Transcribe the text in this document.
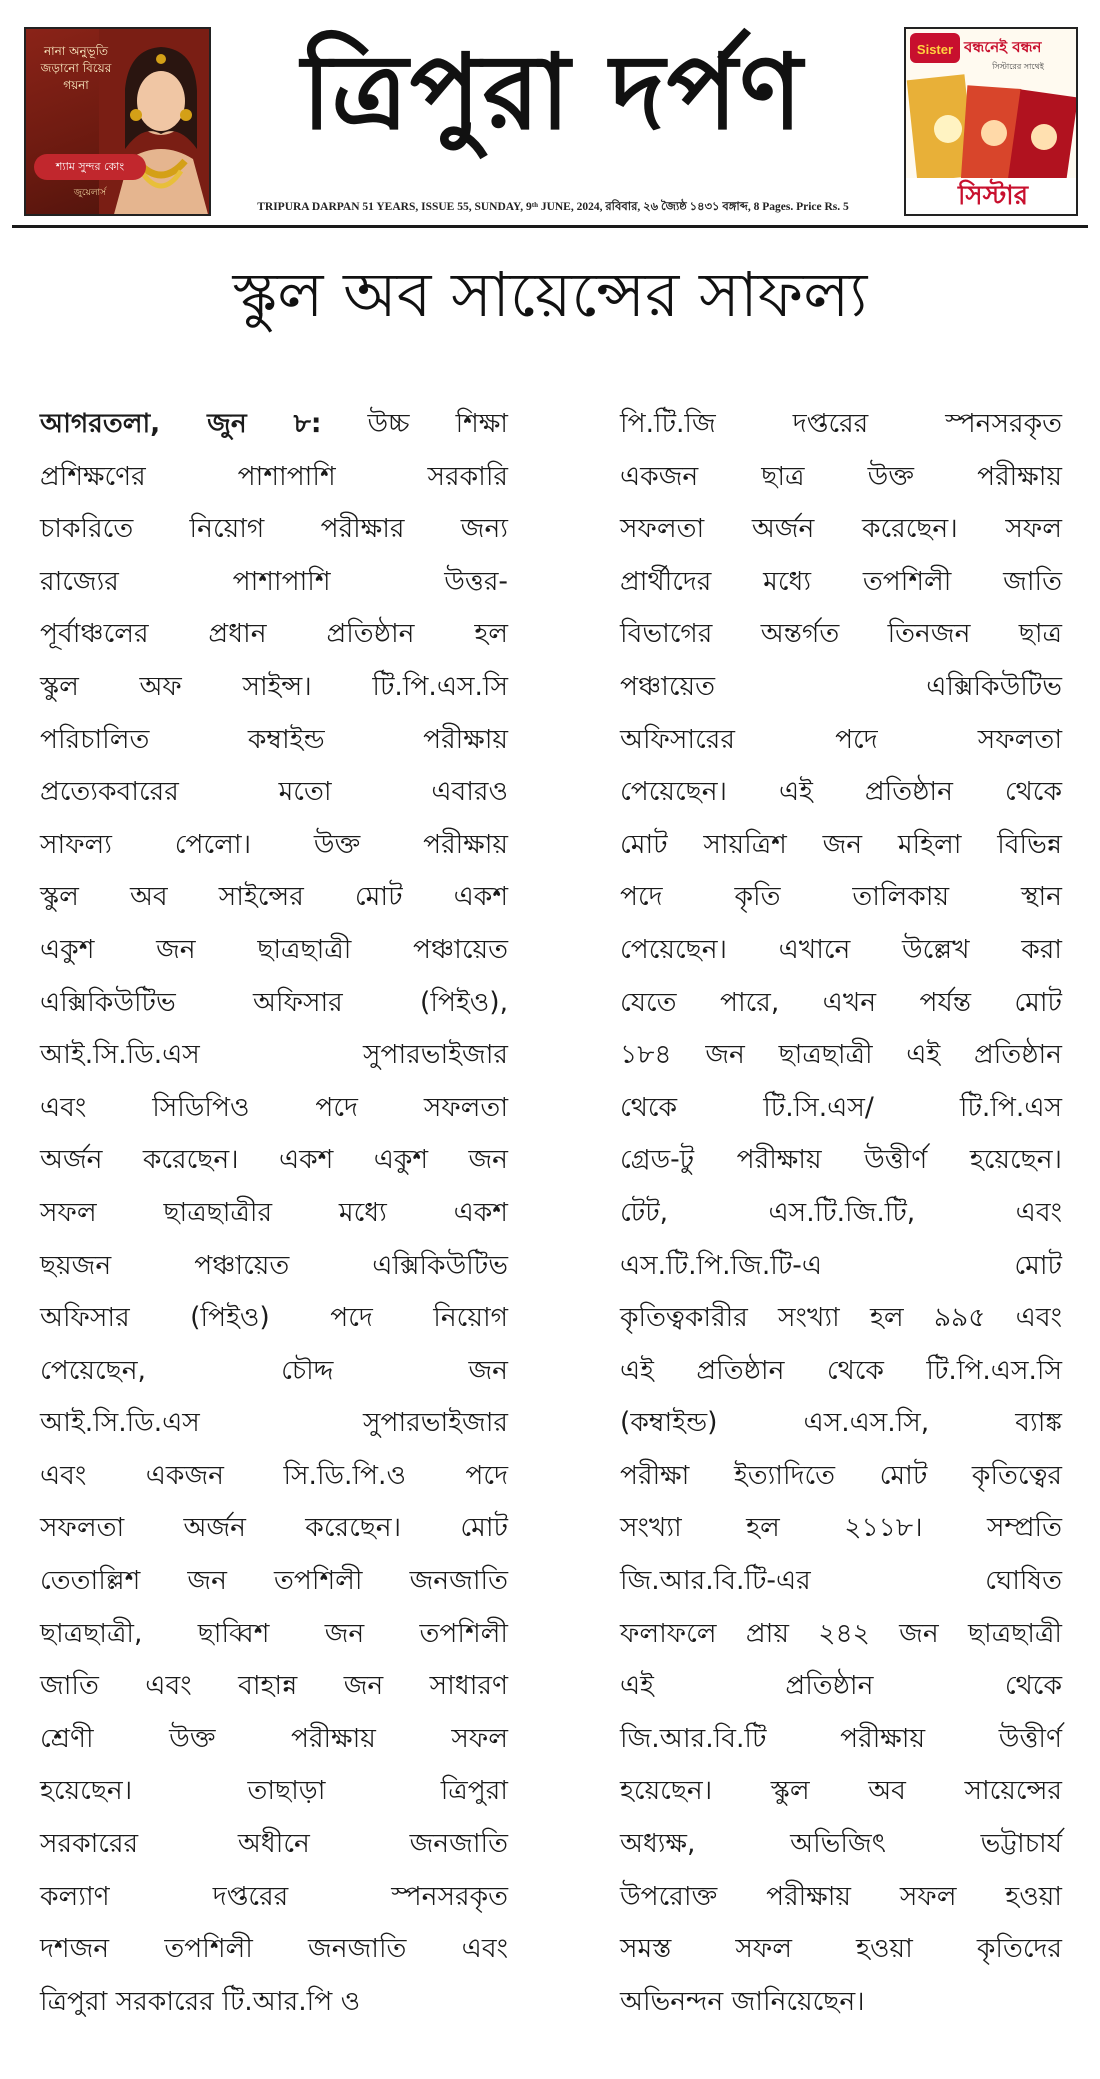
নানা অনুভূতি জড়ানো বিয়ের গয়না
শ্যাম সুন্দর কোং
জুয়েলার্স
ত্রিপুরা দর্পণ
TRIPURA DARPAN 51 YEARS, ISSUE 55, SUNDAY, 9ᵗʰ JUNE, 2024, রবিবার, ২৬ জ্যৈষ্ঠ ১৪৩১ বঙ্গাব্দ, 8 Pages. Price Rs. 5
Sister বন্ধনেই বন্ধন
সিস্টারের সাথেই
সিস্টার
স্কুল অব সায়েন্সের সাফল্য
আগরতলা, জুন ৮: উচ্চ শিক্ষা
প্রশিক্ষণের পাশাপাশি সরকারি
চাকরিতে নিয়োগ পরীক্ষার জন্য
রাজ্যের পাশাপাশি উত্তর-
পূর্বাঞ্চলের প্রধান প্রতিষ্ঠান হল
স্কুল অফ সাইন্স। টি.পি.এস.সি
পরিচালিত কম্বাইন্ড পরীক্ষায়
প্রত্যেকবারের মতো এবারও
সাফল্য পেলো। উক্ত পরীক্ষায়
স্কুল অব সাইন্সের মোট একশ
একুশ জন ছাত্রছাত্রী পঞ্চায়েত
এক্সিকিউটিভ অফিসার (পিইও),
আই.সি.ডি.এস সুপারভাইজার
এবং সিডিপিও পদে সফলতা
অর্জন করেছেন। একশ একুশ জন
সফল ছাত্রছাত্রীর মধ্যে একশ
ছয়জন পঞ্চায়েত এক্সিকিউটিভ
অফিসার (পিইও) পদে নিয়োগ
পেয়েছেন, চৌদ্দ জন
আই.সি.ডি.এস সুপারভাইজার
এবং একজন সি.ডি.পি.ও পদে
সফলতা অর্জন করেছেন। মোট
তেতাল্লিশ জন তপশিলী জনজাতি
ছাত্রছাত্রী, ছাব্বিশ জন তপশিলী
জাতি এবং বাহান্ন জন সাধারণ
শ্রেণী উক্ত পরীক্ষায় সফল
হয়েছেন। তাছাড়া ত্রিপুরা
সরকারের অধীনে জনজাতি
কল্যাণ দপ্তরের স্পনসরকৃত
দশজন তপশিলী জনজাতি এবং
ত্রিপুরা সরকারের টি.আর.পি ও
পি.টি.জি দপ্তরের স্পনসরকৃত
একজন ছাত্র উক্ত পরীক্ষায়
সফলতা অর্জন করেছেন। সফল
প্রার্থীদের মধ্যে তপশিলী জাতি
বিভাগের অন্তর্গত তিনজন ছাত্র
পঞ্চায়েত এক্সিকিউটিভ
অফিসারের পদে সফলতা
পেয়েছেন। এই প্রতিষ্ঠান থেকে
মোট সায়ত্রিশ জন মহিলা বিভিন্ন
পদে কৃতি তালিকায় স্থান
পেয়েছেন। এখানে উল্লেখ করা
যেতে পারে, এখন পর্যন্ত মোট
১৮৪ জন ছাত্রছাত্রী এই প্রতিষ্ঠান
থেকে টি.সি.এস/ টি.পি.এস
গ্রেড-টু পরীক্ষায় উত্তীর্ণ হয়েছেন।
টেট, এস.টি.জি.টি, এবং
এস.টি.পি.জি.টি-এ মোট
কৃতিত্বকারীর সংখ্যা হল ৯৯৫ এবং
এই প্রতিষ্ঠান থেকে টি.পি.এস.সি
(কম্বাইন্ড) এস.এস.সি, ব্যাঙ্ক
পরীক্ষা ইত্যাদিতে মোট কৃতিত্বের
সংখ্যা হল ২১১৮। সম্প্রতি
জি.আর.বি.টি-এর ঘোষিত
ফলাফলে প্রায় ২৪২ জন ছাত্রছাত্রী
এই প্রতিষ্ঠান থেকে
জি.আর.বি.টি পরীক্ষায় উত্তীর্ণ
হয়েছেন। স্কুল অব সায়েন্সের
অধ্যক্ষ, অভিজিৎ ভট্টাচার্য
উপরোক্ত পরীক্ষায় সফল হওয়া
সমস্ত সফল হওয়া কৃতিদের
অভিনন্দন জানিয়েছেন।
